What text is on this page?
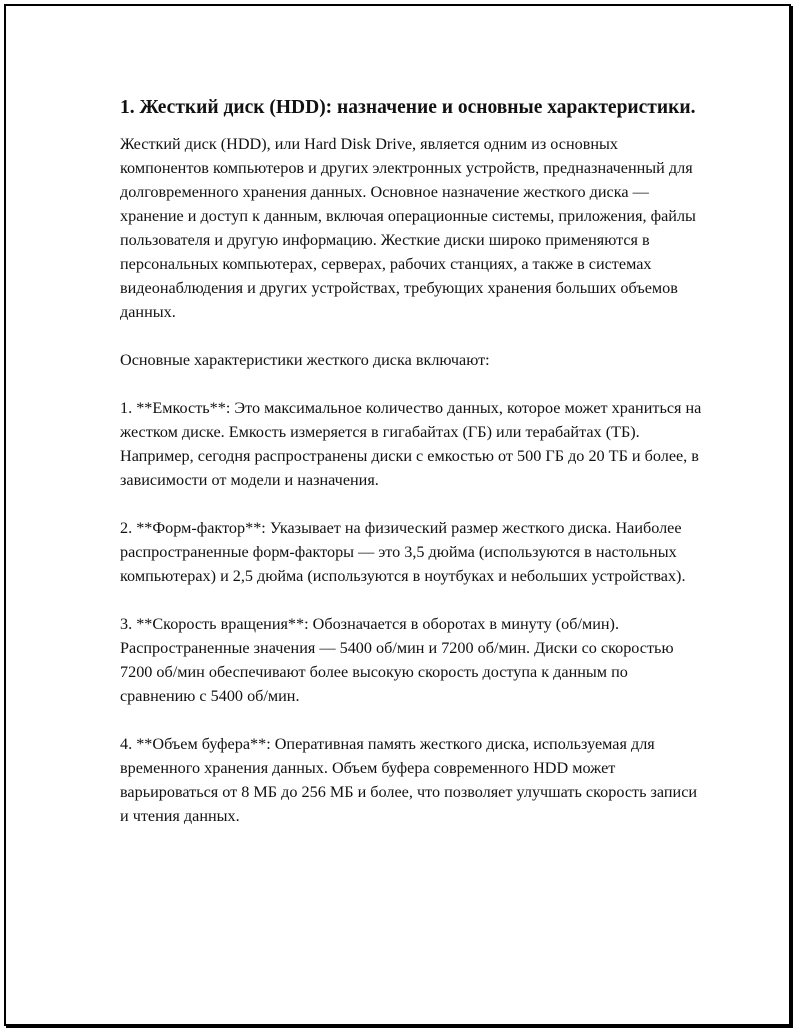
1. Жесткий диск (HDD): назначение и основные характеристики.

Жесткий диск (HDD), или Hard Disk Drive, является одним из основных компонентов компьютеров и других электронных устройств, предназначенный для долговременного хранения данных. Основное назначение жесткого диска — хранение и доступ к данным, включая операционные системы, приложения, файлы пользователя и другую информацию. Жесткие диски широко применяются в персональных компьютерах, серверах, рабочих станциях, а также в системах видеонаблюдения и других устройствах, требующих хранения больших объемов данных.

Основные характеристики жесткого диска включают:

1. **Емкость**: Это максимальное количество данных, которое может храниться на жестком диске. Емкость измеряется в гигабайтах (ГБ) или терабайтах (ТБ). Например, сегодня распространены диски с емкостью от 500 ГБ до 20 ТБ и более, в зависимости от модели и назначения.

2. **Форм-фактор**: Указывает на физический размер жесткого диска. Наиболее распространенные форм-факторы — это 3,5 дюйма (используются в настольных компьютерах) и 2,5 дюйма (используются в ноутбуках и небольших устройствах).

3. **Скорость вращения**: Обозначается в оборотах в минуту (об/мин). Распространенные значения — 5400 об/мин и 7200 об/мин. Диски со скоростью 7200 об/мин обеспечивают более высокую скорость доступа к данным по сравнению с 5400 об/мин.

4. **Объем буфера**: Оперативная память жесткого диска, используемая для временного хранения данных. Объем буфера современного HDD может варьироваться от 8 МБ до 256 МБ и более, что позволяет улучшать скорость записи и чтения данных.
